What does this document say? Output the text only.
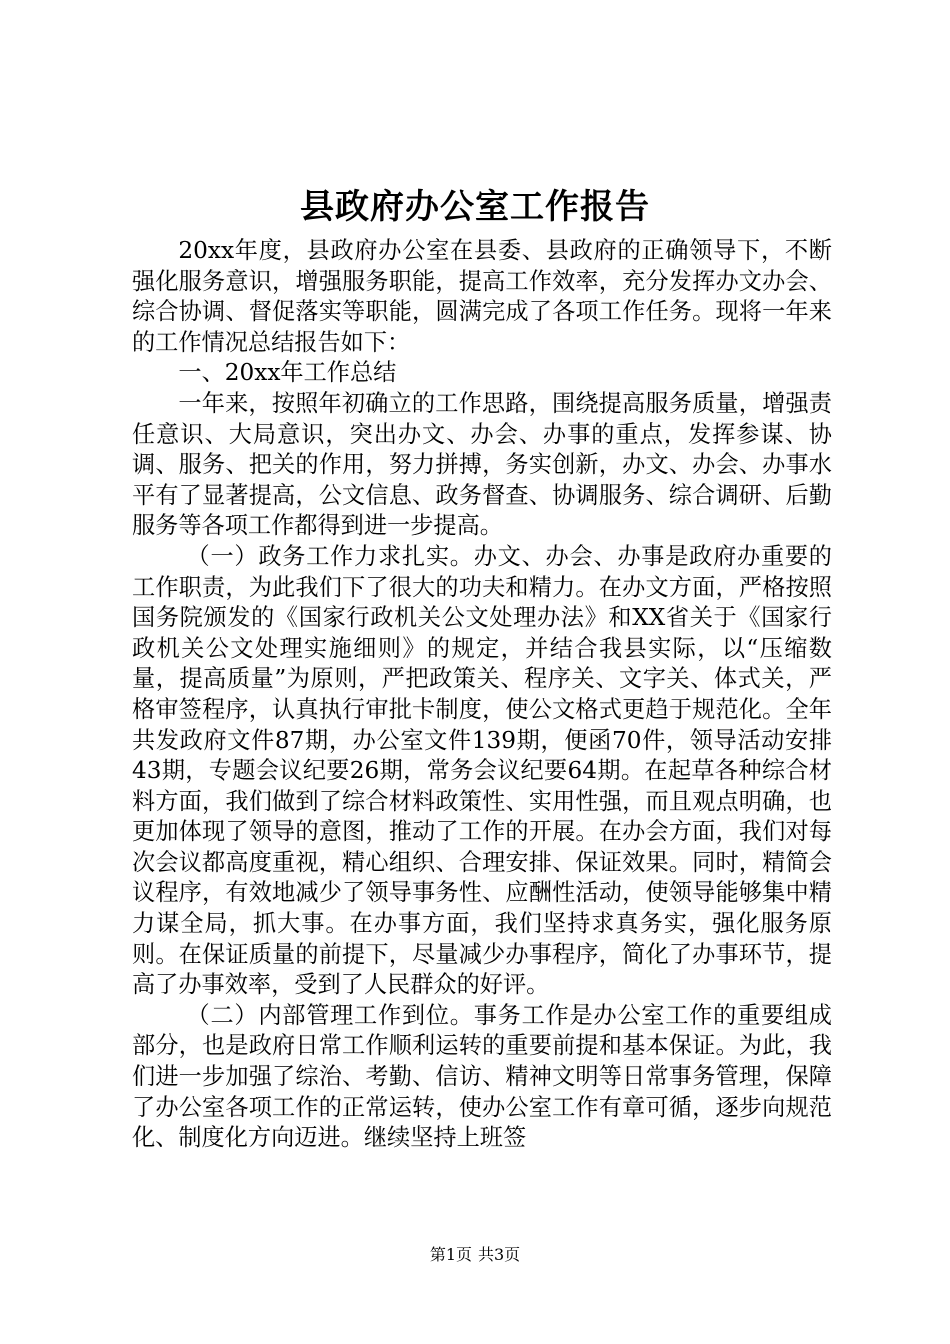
县政府办公室工作报告

20xx年度，县政府办公室在县委、县政府的正确领导下，不断强化服务意识，增强服务职能，提高工作效率，充分发挥办文办会、综合协调、督促落实等职能，圆满完成了各项工作任务。现将一年来的工作情况总结报告如下：

一、20xx年工作总结

一年来，按照年初确立的工作思路，围绕提高服务质量，增强责任意识、大局意识，突出办文、办会、办事的重点，发挥参谋、协调、服务、把关的作用，努力拼搏，务实创新，办文、办会、办事水平有了显著提高，公文信息、政务督查、协调服务、综合调研、后勤服务等各项工作都得到进一步提高。

（一）政务工作力求扎实。办文、办会、办事是政府办重要的工作职责，为此我们下了很大的功夫和精力。在办文方面，严格按照国务院颁发的《国家行政机关公文处理办法》和XX省关于《国家行政机关公文处理实施细则》的规定，并结合我县实际，以“压缩数量，提高质量”为原则，严把政策关、程序关、文字关、体式关，严格审签程序，认真执行审批卡制度，使公文格式更趋于规范化。全年共发政府文件87期，办公室文件139期，便函70件，领导活动安排43期，专题会议纪要26期，常务会议纪要64期。在起草各种综合材料方面，我们做到了综合材料政策性、实用性强，而且观点明确，也更加体现了领导的意图，推动了工作的开展。在办会方面，我们对每次会议都高度重视，精心组织、合理安排、保证效果。同时，精简会议程序，有效地减少了领导事务性、应酬性活动，使领导能够集中精力谋全局，抓大事。在办事方面，我们坚持求真务实，强化服务原则。在保证质量的前提下，尽量减少办事程序，简化了办事环节，提高了办事效率，受到了人民群众的好评。

（二）内部管理工作到位。事务工作是办公室工作的重要组成部分，也是政府日常工作顺利运转的重要前提和基本保证。为此，我们进一步加强了综治、考勤、信访、精神文明等日常事务管理，保障了办公室各项工作的正常运转，使办公室工作有章可循，逐步向规范化、制度化方向迈进。继续坚持上班签

第1页 共3页
